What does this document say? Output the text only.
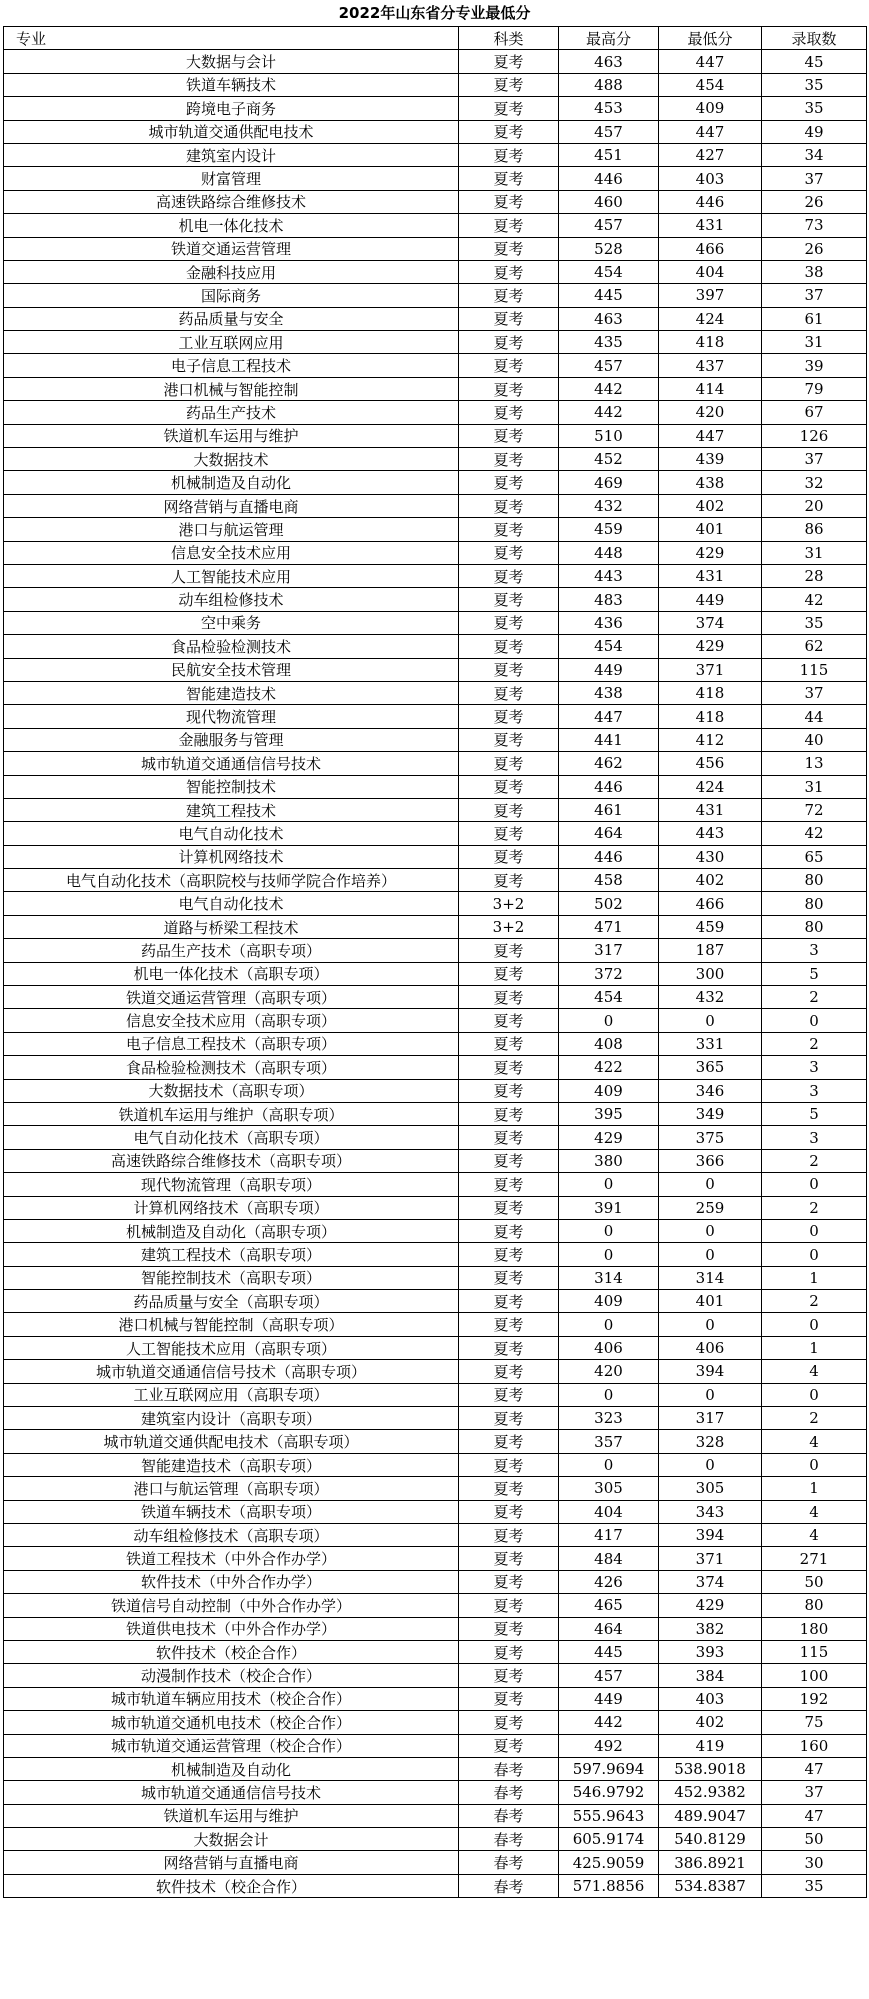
2022年山东省分专业最低分
专业	科类	最高分	最低分	录取数
大数据与会计	夏考	463	447	45
铁道车辆技术	夏考	488	454	35
跨境电子商务	夏考	453	409	35
城市轨道交通供配电技术	夏考	457	447	49
建筑室内设计	夏考	451	427	34
财富管理	夏考	446	403	37
高速铁路综合维修技术	夏考	460	446	26
机电一体化技术	夏考	457	431	73
铁道交通运营管理	夏考	528	466	26
金融科技应用	夏考	454	404	38
国际商务	夏考	445	397	37
药品质量与安全	夏考	463	424	61
工业互联网应用	夏考	435	418	31
电子信息工程技术	夏考	457	437	39
港口机械与智能控制	夏考	442	414	79
药品生产技术	夏考	442	420	67
铁道机车运用与维护	夏考	510	447	126
大数据技术	夏考	452	439	37
机械制造及自动化	夏考	469	438	32
网络营销与直播电商	夏考	432	402	20
港口与航运管理	夏考	459	401	86
信息安全技术应用	夏考	448	429	31
人工智能技术应用	夏考	443	431	28
动车组检修技术	夏考	483	449	42
空中乘务	夏考	436	374	35
食品检验检测技术	夏考	454	429	62
民航安全技术管理	夏考	449	371	115
智能建造技术	夏考	438	418	37
现代物流管理	夏考	447	418	44
金融服务与管理	夏考	441	412	40
城市轨道交通通信信号技术	夏考	462	456	13
智能控制技术	夏考	446	424	31
建筑工程技术	夏考	461	431	72
电气自动化技术	夏考	464	443	42
计算机网络技术	夏考	446	430	65
电气自动化技术（高职院校与技师学院合作培养）	夏考	458	402	80
电气自动化技术	3+2	502	466	80
道路与桥梁工程技术	3+2	471	459	80
药品生产技术（高职专项）	夏考	317	187	3
机电一体化技术（高职专项）	夏考	372	300	5
铁道交通运营管理（高职专项）	夏考	454	432	2
信息安全技术应用（高职专项）	夏考	0	0	0
电子信息工程技术（高职专项）	夏考	408	331	2
食品检验检测技术（高职专项）	夏考	422	365	3
大数据技术（高职专项）	夏考	409	346	3
铁道机车运用与维护（高职专项）	夏考	395	349	5
电气自动化技术（高职专项）	夏考	429	375	3
高速铁路综合维修技术（高职专项）	夏考	380	366	2
现代物流管理（高职专项）	夏考	0	0	0
计算机网络技术（高职专项）	夏考	391	259	2
机械制造及自动化（高职专项）	夏考	0	0	0
建筑工程技术（高职专项）	夏考	0	0	0
智能控制技术（高职专项）	夏考	314	314	1
药品质量与安全（高职专项）	夏考	409	401	2
港口机械与智能控制（高职专项）	夏考	0	0	0
人工智能技术应用（高职专项）	夏考	406	406	1
城市轨道交通通信信号技术（高职专项）	夏考	420	394	4
工业互联网应用（高职专项）	夏考	0	0	0
建筑室内设计（高职专项）	夏考	323	317	2
城市轨道交通供配电技术（高职专项）	夏考	357	328	4
智能建造技术（高职专项）	夏考	0	0	0
港口与航运管理（高职专项）	夏考	305	305	1
铁道车辆技术（高职专项）	夏考	404	343	4
动车组检修技术（高职专项）	夏考	417	394	4
铁道工程技术（中外合作办学）	夏考	484	371	271
软件技术（中外合作办学）	夏考	426	374	50
铁道信号自动控制（中外合作办学）	夏考	465	429	80
铁道供电技术（中外合作办学）	夏考	464	382	180
软件技术（校企合作）	夏考	445	393	115
动漫制作技术（校企合作）	夏考	457	384	100
城市轨道车辆应用技术（校企合作）	夏考	449	403	192
城市轨道交通机电技术（校企合作）	夏考	442	402	75
城市轨道交通运营管理（校企合作）	夏考	492	419	160
机械制造及自动化	春考	597.9694	538.9018	47
城市轨道交通通信信号技术	春考	546.9792	452.9382	37
铁道机车运用与维护	春考	555.9643	489.9047	47
大数据会计	春考	605.9174	540.8129	50
网络营销与直播电商	春考	425.9059	386.8921	30
软件技术（校企合作）	春考	571.8856	534.8387	35
